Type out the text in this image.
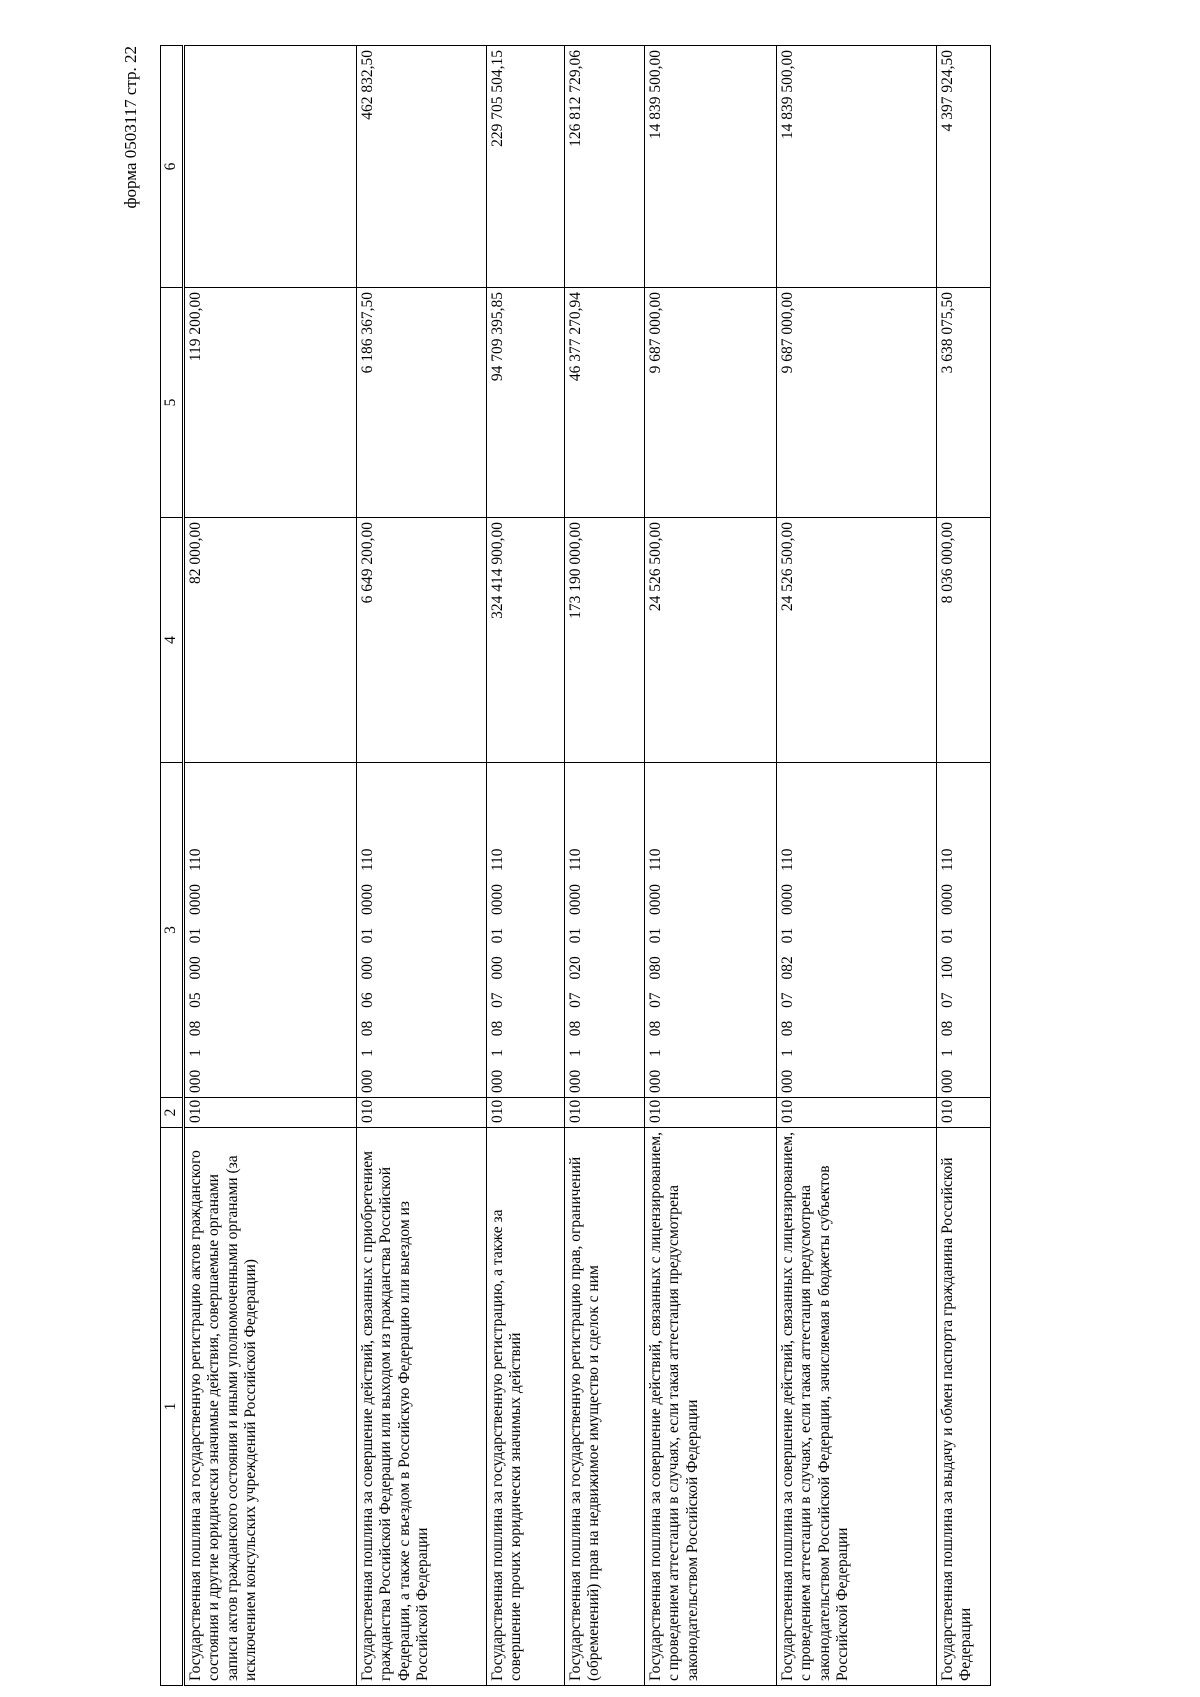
форма 0503117 стр. 22
1	2	3	4	5	6
Государственная пошлина за государственную регистрацию актов гражданского состояния и другие юридически значимые действия, совершаемые органами записи актов гражданского состояния и иными уполномоченными органами (за исключением консульских учреждений Российской Федерации)	010	000 1 08 05 000 01 0000 110	82 000,00	119 200,00	
Государственная пошлина за совершение действий, связанных с приобретением гражданства Российской Федерации или выходом из гражданства Российской Федерации, а также с въездом в Российскую Федерацию или выездом из Российской Федерации	010	000 1 08 06 000 01 0000 110	6 649 200,00	6 186 367,50	462 832,50
Государственная пошлина за государственную регистрацию, а также за совершение прочих юридически значимых действий	010	000 1 08 07 000 01 0000 110	324 414 900,00	94 709 395,85	229 705 504,15
Государственная пошлина за государственную регистрацию прав, ограничений (обременений) прав на недвижимое имущество и сделок с ним	010	000 1 08 07 020 01 0000 110	173 190 000,00	46 377 270,94	126 812 729,06
Государственная пошлина за совершение действий, связанных с лицензированием, с проведением аттестации в случаях, если такая аттестация предусмотрена законодательством Российской Федерации	010	000 1 08 07 080 01 0000 110	24 526 500,00	9 687 000,00	14 839 500,00
Государственная пошлина за совершение действий, связанных с лицензированием, с проведением аттестации в случаях, если такая аттестация предусмотрена законодательством Российской Федерации, зачисляемая в бюджеты субъектов Российской Федерации	010	000 1 08 07 082 01 0000 110	24 526 500,00	9 687 000,00	14 839 500,00
Государственная пошлина за выдачу и обмен паспорта гражданина Российской Федерации	010	000 1 08 07 100 01 0000 110	8 036 000,00	3 638 075,50	4 397 924,50
